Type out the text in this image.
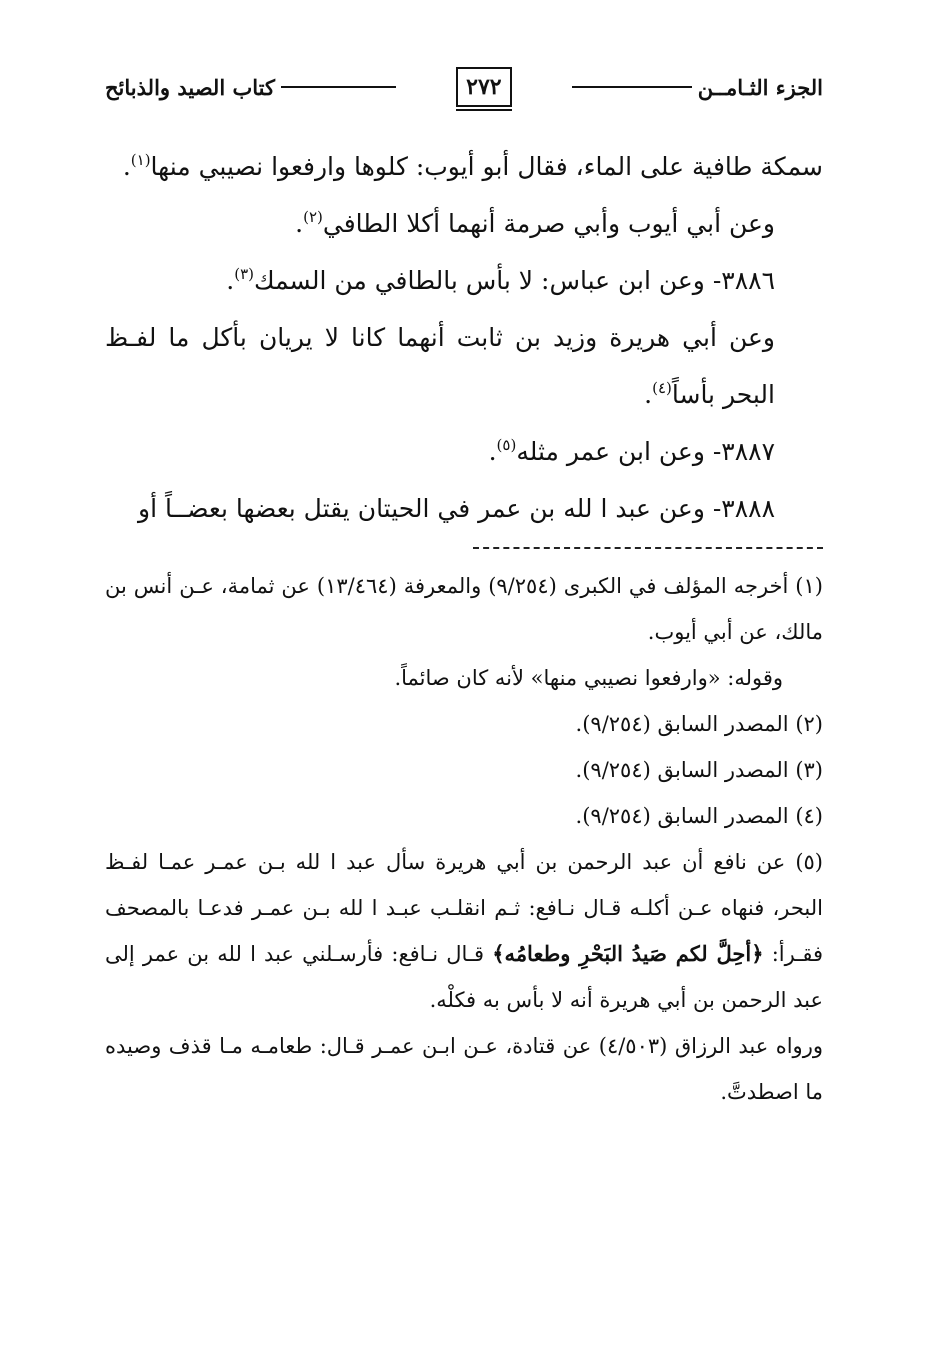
الجزء الثـامــن
٢٧٢
كتاب الصيد والذبائح

سمكة طافية على الماء، فقال أبو أيوب: كلوها وارفعوا نصيبي منها$^{(١)}$.

وعن أبي أيوب وأبي صرمة أنهما أكلا الطافي$^{(٢)}$.

٣٨٨٦- وعن ابن عباس: لا بأس بالطافي من السمك$^{(٣)}$.

وعن أبي هريرة وزيد بن ثابت أنهما كانا لا يريان بأكل ما لفـظ البحر بأساً$^{(٤)}$.

٣٨٨٧- وعن ابن عمر مثله$^{(٥)}$.

٣٨٨٨- وعن عبد ا لله بن عمر في الحيتان يقتل بعضها بعضــاً أو

(١) أخرجه المؤلف في الكبرى (٩/٢٥٤) والمعرفة (١٣/٤٦٤) عن ثمامة، عـن أنس بن مالك، عن أبي أيوب.

وقوله: «وارفعوا نصيبي منها» لأنه كان صائماً.

(٢) المصدر السابق (٩/٢٥٤).

(٣) المصدر السابق (٩/٢٥٤).

(٤) المصدر السابق (٩/٢٥٤).

(٥) عن نافع أن عبد الرحمن بن أبي هريرة سأل عبد ا لله بـن عمـر عمـا لفـظ البحر، فنهاه عـن أكلـه قـال نـافع: ثـم انقلـب عبـد ا لله بـن عمـر فدعـا بالمصحف فقـرأ: ﴿أحِلَّ لكم صَيدُ البَحْرِ وطعامُه﴾ قـال نـافع: فأرسـلني عبد ا لله بن عمر إلى عبد الرحمن بن أبي هريرة أنه لا بأس به فكلْه.

ورواه عبد الرزاق (٤/٥٠٣) عن قتادة، عـن ابـن عمـر قـال: طعامـه مـا قذف وصيده ما اصطدتَّ.
